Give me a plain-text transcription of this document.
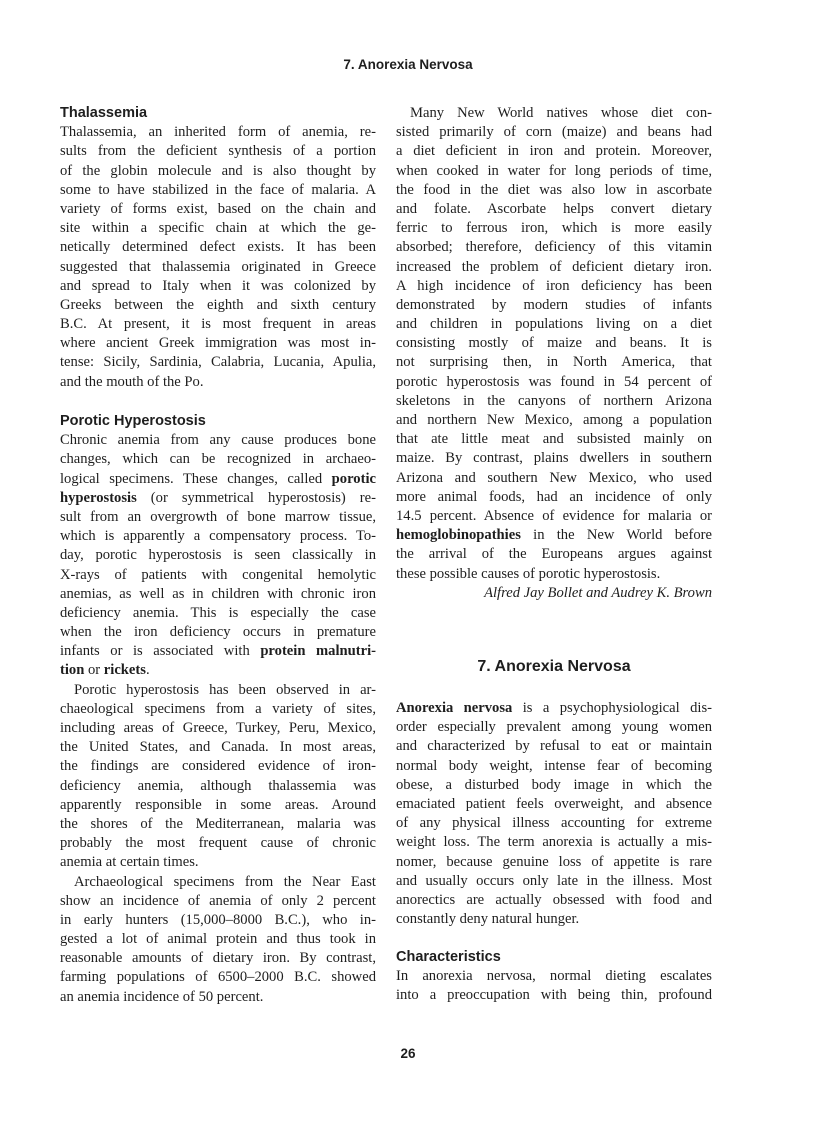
7. Anorexia Nervosa
Thalassemia
Thalassemia, an inherited form of anemia, re-
sults from the deficient synthesis of a portion
of the globin molecule and is also thought by
some to have stabilized in the face of malaria. A
variety of forms exist, based on the chain and
site within a specific chain at which the ge-
netically determined defect exists. It has been
suggested that thalassemia originated in Greece
and spread to Italy when it was colonized by
Greeks between the eighth and sixth century
B.C. At present, it is most frequent in areas
where ancient Greek immigration was most in-
tense: Sicily, Sardinia, Calabria, Lucania, Apulia,
and the mouth of the Po.
Porotic Hyperostosis
Chronic anemia from any cause produces bone
changes, which can be recognized in archaeo-
logical specimens. These changes, called porotic
hyperostosis (or symmetrical hyperostosis) re-
sult from an overgrowth of bone marrow tissue,
which is apparently a compensatory process. To-
day, porotic hyperostosis is seen classically in
X-rays of patients with congenital hemolytic
anemias, as well as in children with chronic iron
deficiency anemia. This is especially the case
when the iron deficiency occurs in premature
infants or is associated with protein malnutri-
tion or rickets.
Porotic hyperostosis has been observed in ar-
chaeological specimens from a variety of sites,
including areas of Greece, Turkey, Peru, Mexico,
the United States, and Canada. In most areas,
the findings are considered evidence of iron-
deficiency anemia, although thalassemia was
apparently responsible in some areas. Around
the shores of the Mediterranean, malaria was
probably the most frequent cause of chronic
anemia at certain times.
Archaeological specimens from the Near East
show an incidence of anemia of only 2 percent
in early hunters (15,000–8000 B.C.), who in-
gested a lot of animal protein and thus took in
reasonable amounts of dietary iron. By contrast,
farming populations of 6500–2000 B.C. showed
an anemia incidence of 50 percent.
Many New World natives whose diet con-
sisted primarily of corn (maize) and beans had
a diet deficient in iron and protein. Moreover,
when cooked in water for long periods of time,
the food in the diet was also low in ascorbate
and folate. Ascorbate helps convert dietary
ferric to ferrous iron, which is more easily
absorbed; therefore, deficiency of this vitamin
increased the problem of deficient dietary iron.
A high incidence of iron deficiency has been
demonstrated by modern studies of infants
and children in populations living on a diet
consisting mostly of maize and beans. It is
not surprising then, in North America, that
porotic hyperostosis was found in 54 percent of
skeletons in the canyons of northern Arizona
and northern New Mexico, among a population
that ate little meat and subsisted mainly on
maize. By contrast, plains dwellers in southern
Arizona and southern New Mexico, who used
more animal foods, had an incidence of only
14.5 percent. Absence of evidence for malaria or
hemoglobinopathies in the New World before
the arrival of the Europeans argues against
these possible causes of porotic hyperostosis.
Alfred Jay Bollet and Audrey K. Brown
7. Anorexia Nervosa
Anorexia nervosa is a psychophysiological dis-
order especially prevalent among young women
and characterized by refusal to eat or maintain
normal body weight, intense fear of becoming
obese, a disturbed body image in which the
emaciated patient feels overweight, and absence
of any physical illness accounting for extreme
weight loss. The term anorexia is actually a mis-
nomer, because genuine loss of appetite is rare
and usually occurs only late in the illness. Most
anorectics are actually obsessed with food and
constantly deny natural hunger.
Characteristics
In anorexia nervosa, normal dieting escalates
into a preoccupation with being thin, profound
26
